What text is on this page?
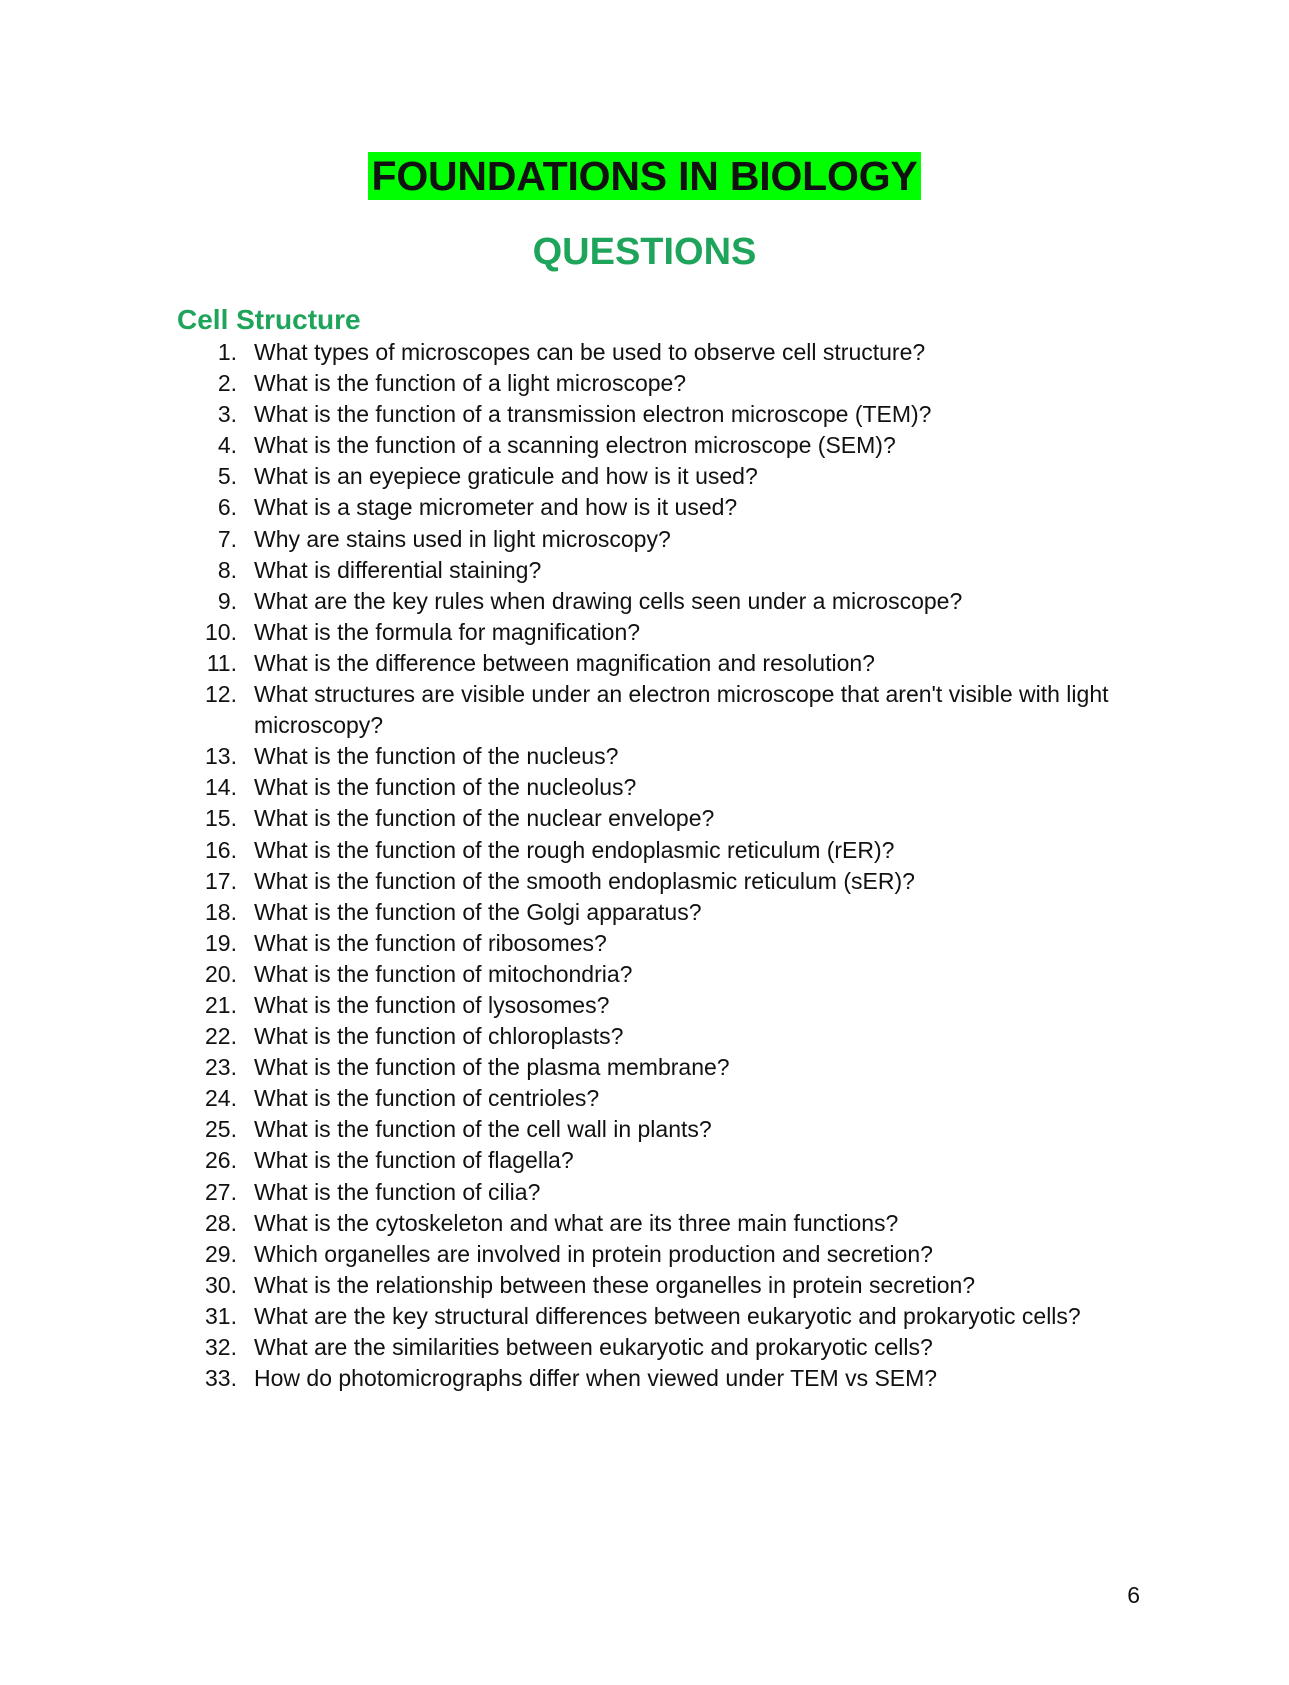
FOUNDATIONS IN BIOLOGY
QUESTIONS
Cell Structure
1. What types of microscopes can be used to observe cell structure?
2. What is the function of a light microscope?
3. What is the function of a transmission electron microscope (TEM)?
4. What is the function of a scanning electron microscope (SEM)?
5. What is an eyepiece graticule and how is it used?
6. What is a stage micrometer and how is it used?
7. Why are stains used in light microscopy?
8. What is differential staining?
9. What are the key rules when drawing cells seen under a microscope?
10. What is the formula for magnification?
11. What is the difference between magnification and resolution?
12. What structures are visible under an electron microscope that aren't visible with light microscopy?
13. What is the function of the nucleus?
14. What is the function of the nucleolus?
15. What is the function of the nuclear envelope?
16. What is the function of the rough endoplasmic reticulum (rER)?
17. What is the function of the smooth endoplasmic reticulum (sER)?
18. What is the function of the Golgi apparatus?
19. What is the function of ribosomes?
20. What is the function of mitochondria?
21. What is the function of lysosomes?
22. What is the function of chloroplasts?
23. What is the function of the plasma membrane?
24. What is the function of centrioles?
25. What is the function of the cell wall in plants?
26. What is the function of flagella?
27. What is the function of cilia?
28. What is the cytoskeleton and what are its three main functions?
29. Which organelles are involved in protein production and secretion?
30. What is the relationship between these organelles in protein secretion?
31. What are the key structural differences between eukaryotic and prokaryotic cells?
32. What are the similarities between eukaryotic and prokaryotic cells?
33. How do photomicrographs differ when viewed under TEM vs SEM?
6
